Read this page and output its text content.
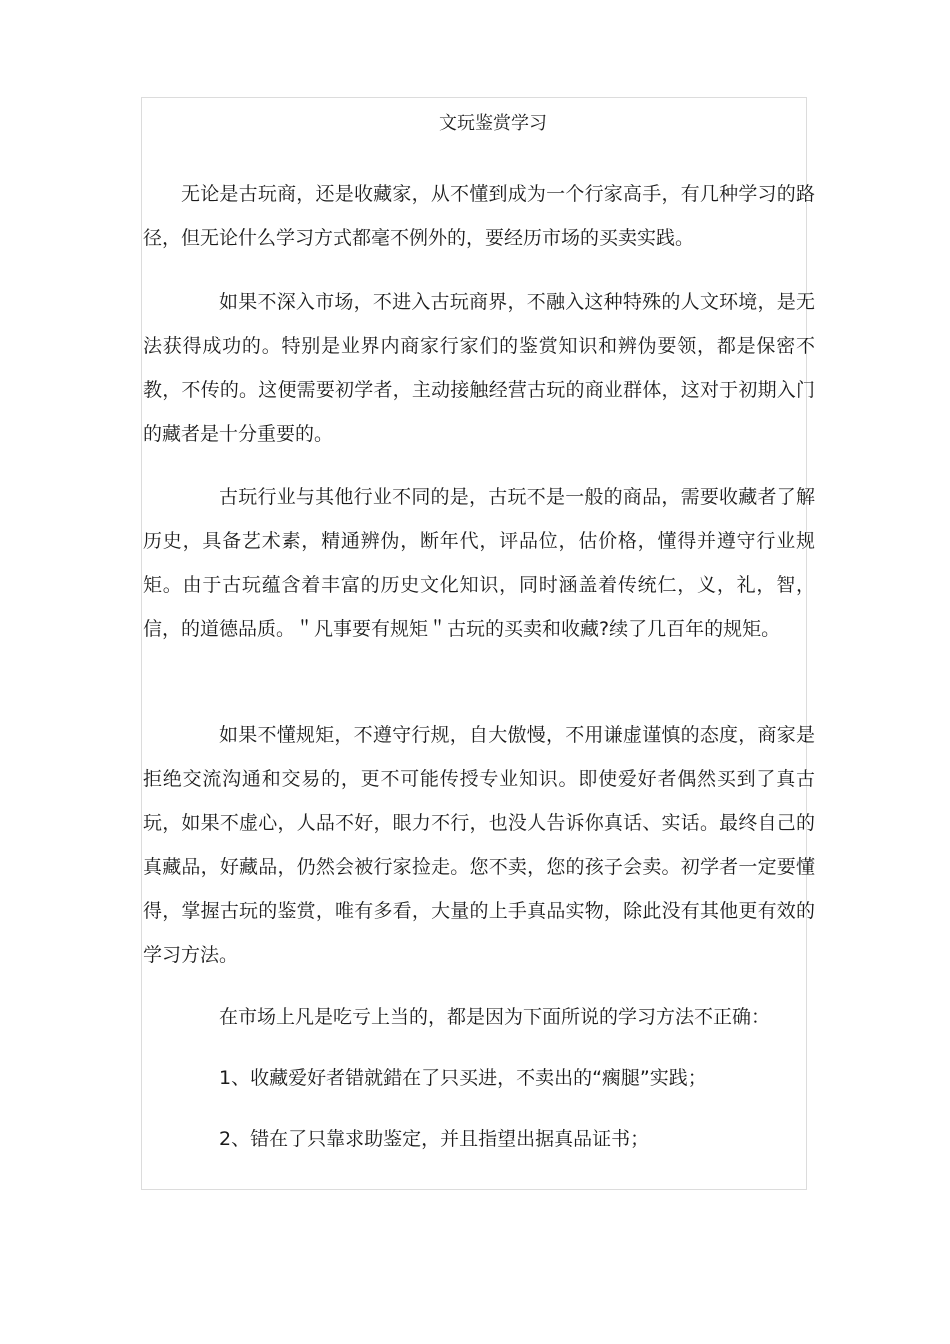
文玩鉴赏学习

无论是古玩商，还是收藏家，从不懂到成为一个行家高手，有几种学习的路径，但无论什么学习方式都毫不例外的，要经历市场的买卖实践。

如果不深入市场，不进入古玩商界，不融入这种特殊的人文环境，是无法获得成功的。特别是业界内商家行家们的鉴赏知识和辨伪要领，都是保密不教，不传的。这便需要初学者，主动接触经营古玩的商业群体，这对于初期入门的藏者是十分重要的。

古玩行业与其他行业不同的是，古玩不是一般的商品，需要收藏者了解历史，具备艺术素，精通辨伪，断年代，评品位，估价格，懂得并遵守行业规矩。由于古玩蕴含着丰富的历史文化知识，同时涵盖着传统仁，义，礼，智，信，的道德品质。＂凡事要有规矩＂古玩的买卖和收藏?续了几百年的规矩。

如果不懂规矩，不遵守行规，自大傲慢，不用谦虚谨慎的态度，商家是拒绝交流沟通和交易的，更不可能传授专业知识。即使爱好者偶然买到了真古玩，如果不虚心，人品不好，眼力不行，也没人告诉你真话、实话。最终自己的真藏品，好藏品，仍然会被行家捡走。您不卖，您的孩子会卖。初学者一定要懂得，掌握古玩的鉴赏，唯有多看，大量的上手真品实物，除此没有其他更有效的学习方法。

在市场上凡是吃亏上当的，都是因为下面所说的学习方法不正确：

1、收藏爱好者错就錯在了只买进，不卖出的“瘸腿”实践；

2、错在了只靠求助鉴定，并且指望出据真品证书；
